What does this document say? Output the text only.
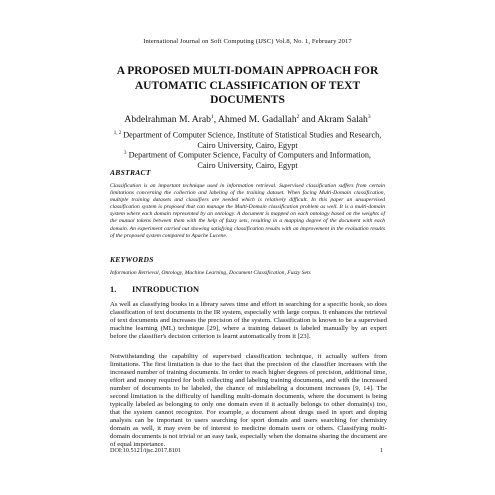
International Journal on Soft Computing (IJSC) Vol.8, No. 1, February 2017
A PROPOSED MULTI-DOMAIN APPROACH FOR
AUTOMATIC CLASSIFICATION OF TEXT
DOCUMENTS
Abdelrahman M. Arab$^1$, Ahmed M. Gadallah$^2$ and Akram Salah$^3$
$^{1, 2}$ Department of Computer Science, Institute of Statistical Studies and Research,
Cairo University, Cairo, Egypt
$^3$ Department of Computer Science, Faculty of Computers and Information,
Cairo University, Cairo, Egypt
ABSTRACT
Classification is an important technique used in information retrieval. Supervised classification suffers from certain limitations concerning the collection and labeling of the training dataset. When facing Multi-Domain classification, multiple training datasets and classifiers are needed which is relatively difficult. In this paper an unsupervised classification system is proposed that can manage the Multi-Domain classification problem as well. It is a multi-domain system where each domain represented by an ontology. A document is mapped on each ontology based on the weights of the mutual tokens between them with the help of fuzzy sets, resulting in a mapping degree of the document with each domain. An experiment carried out showing satisfying classification results with an improvement in the evaluation results of the proposed system compared to Apache Lucene.
KEYWORDS
Information Retrieval, Ontology, Machine Learning, Document Classification, Fuzzy Sets
1. INTRODUCTION
As well as classifying books in a library saves time and effort in searching for a specific book, so does classification of text documents in the IR system, especially with large corpus. It enhances the retrieval of text documents and increases the precision of the system. Classification is known to be a supervised machine learning (ML) technique [29], where a training dataset is labeled manually by an expert before the classifier's decision criterion is learnt automatically from it [23].
Notwithstanding the capability of supervised classification technique, it actually suffers from limitations. The first limitation is due to the fact that the precision of the classifier increases with the increased number of training documents. In order to reach higher degrees of precision, additional time, effort and money required for both collecting and labeling training documents, and with the increased number of documents to be labeled, the chance of mislabeling a document increases [9, 14]. The second limitation is the difficulty of handling multi-domain documents, where the document is being typically labeled as belonging to only one domain even if it actually belongs to other domain(s) too, that the system cannot recognize. For example, a document about drugs used in sport and doping analysis can be important to users searching for sport domain and users searching for chemistry domain as well, it may even be of interest to medicine domain users or others. Classifying multi-domain documents is not trivial or an easy task, especially when the domains sharing the document are of equal importance.
DOI:10.5121/ijsc.2017.8101	1
